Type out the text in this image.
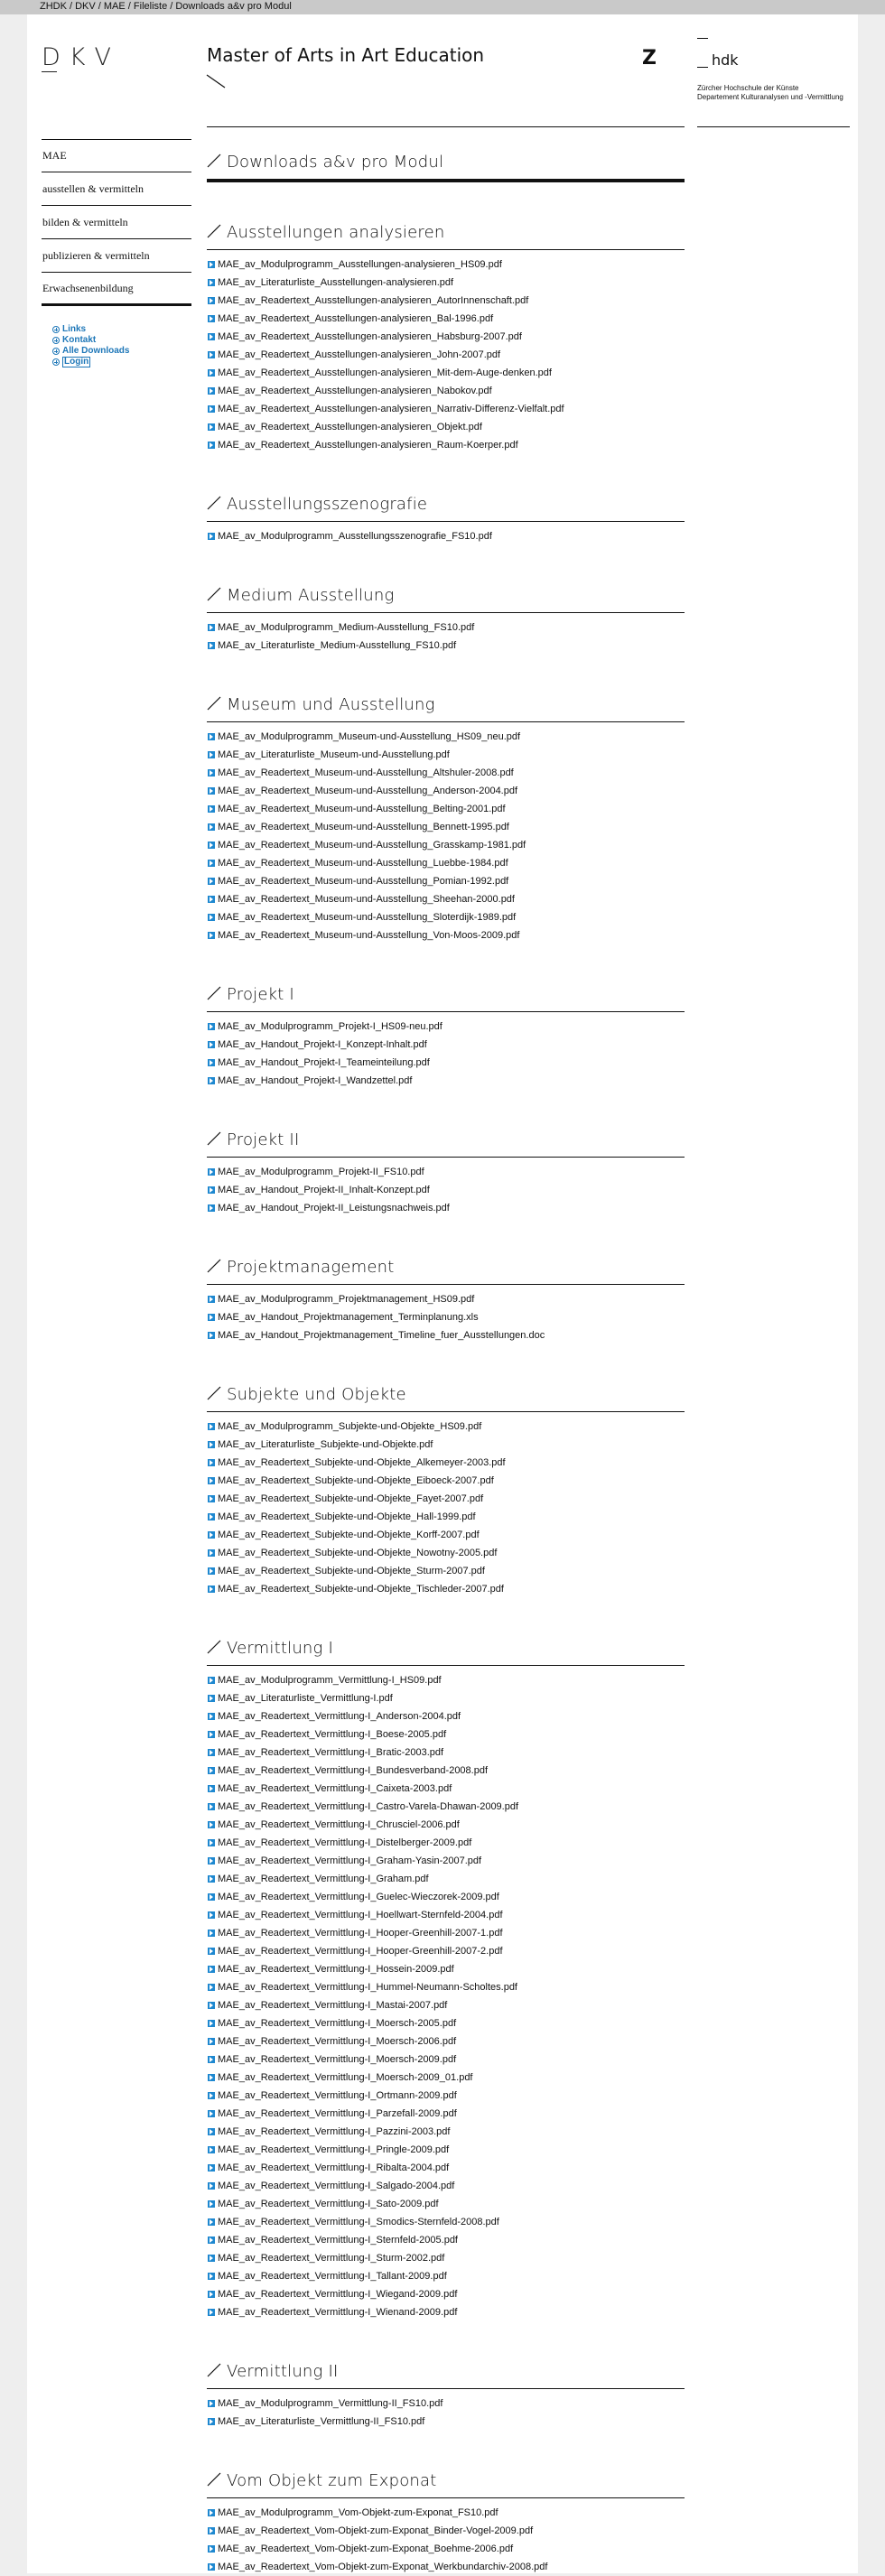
ZHDK / DKV / MAE / Fileliste / Downloads a&v pro Modul
DKV	Master of Arts in Art Education	Z	hdk
Zürcher Hochschule der Künste
Departement Kulturanalysen und -Vermittlung
MAE
ausstellen & vermitteln
bilden & vermitteln
publizieren & vermitteln
Erwachsenenbildung
Links
Kontakt
Alle Downloads
Login
Downloads a&v pro Modul
Ausstellungen analysieren
MAE_av_Modulprogramm_Ausstellungen-analysieren_HS09.pdf
MAE_av_Literaturliste_Ausstellungen-analysieren.pdf
MAE_av_Readertext_Ausstellungen-analysieren_AutorInnenschaft.pdf
MAE_av_Readertext_Ausstellungen-analysieren_Bal-1996.pdf
MAE_av_Readertext_Ausstellungen-analysieren_Habsburg-2007.pdf
MAE_av_Readertext_Ausstellungen-analysieren_John-2007.pdf
MAE_av_Readertext_Ausstellungen-analysieren_Mit-dem-Auge-denken.pdf
MAE_av_Readertext_Ausstellungen-analysieren_Nabokov.pdf
MAE_av_Readertext_Ausstellungen-analysieren_Narrativ-Differenz-Vielfalt.pdf
MAE_av_Readertext_Ausstellungen-analysieren_Objekt.pdf
MAE_av_Readertext_Ausstellungen-analysieren_Raum-Koerper.pdf
Ausstellungsszenografie
MAE_av_Modulprogramm_Ausstellungsszenografie_FS10.pdf
Medium Ausstellung
MAE_av_Modulprogramm_Medium-Ausstellung_FS10.pdf
MAE_av_Literaturliste_Medium-Ausstellung_FS10.pdf
Museum und Ausstellung
MAE_av_Modulprogramm_Museum-und-Ausstellung_HS09_neu.pdf
MAE_av_Literaturliste_Museum-und-Ausstellung.pdf
MAE_av_Readertext_Museum-und-Ausstellung_Altshuler-2008.pdf
MAE_av_Readertext_Museum-und-Ausstellung_Anderson-2004.pdf
MAE_av_Readertext_Museum-und-Ausstellung_Belting-2001.pdf
MAE_av_Readertext_Museum-und-Ausstellung_Bennett-1995.pdf
MAE_av_Readertext_Museum-und-Ausstellung_Grasskamp-1981.pdf
MAE_av_Readertext_Museum-und-Ausstellung_Luebbe-1984.pdf
MAE_av_Readertext_Museum-und-Ausstellung_Pomian-1992.pdf
MAE_av_Readertext_Museum-und-Ausstellung_Sheehan-2000.pdf
MAE_av_Readertext_Museum-und-Ausstellung_Sloterdijk-1989.pdf
MAE_av_Readertext_Museum-und-Ausstellung_Von-Moos-2009.pdf
Projekt I
MAE_av_Modulprogramm_Projekt-I_HS09-neu.pdf
MAE_av_Handout_Projekt-I_Konzept-Inhalt.pdf
MAE_av_Handout_Projekt-I_Teameinteilung.pdf
MAE_av_Handout_Projekt-I_Wandzettel.pdf
Projekt II
MAE_av_Modulprogramm_Projekt-II_FS10.pdf
MAE_av_Handout_Projekt-II_Inhalt-Konzept.pdf
MAE_av_Handout_Projekt-II_Leistungsnachweis.pdf
Projektmanagement
MAE_av_Modulprogramm_Projektmanagement_HS09.pdf
MAE_av_Handout_Projektmanagement_Terminplanung.xls
MAE_av_Handout_Projektmanagement_Timeline_fuer_Ausstellungen.doc
Subjekte und Objekte
MAE_av_Modulprogramm_Subjekte-und-Objekte_HS09.pdf
MAE_av_Literaturliste_Subjekte-und-Objekte.pdf
MAE_av_Readertext_Subjekte-und-Objekte_Alkemeyer-2003.pdf
MAE_av_Readertext_Subjekte-und-Objekte_Eiboeck-2007.pdf
MAE_av_Readertext_Subjekte-und-Objekte_Fayet-2007.pdf
MAE_av_Readertext_Subjekte-und-Objekte_Hall-1999.pdf
MAE_av_Readertext_Subjekte-und-Objekte_Korff-2007.pdf
MAE_av_Readertext_Subjekte-und-Objekte_Nowotny-2005.pdf
MAE_av_Readertext_Subjekte-und-Objekte_Sturm-2007.pdf
MAE_av_Readertext_Subjekte-und-Objekte_Tischleder-2007.pdf
Vermittlung I
MAE_av_Modulprogramm_Vermittlung-I_HS09.pdf
MAE_av_Literaturliste_Vermittlung-I.pdf
MAE_av_Readertext_Vermittlung-I_Anderson-2004.pdf
MAE_av_Readertext_Vermittlung-I_Boese-2005.pdf
MAE_av_Readertext_Vermittlung-I_Bratic-2003.pdf
MAE_av_Readertext_Vermittlung-I_Bundesverband-2008.pdf
MAE_av_Readertext_Vermittlung-I_Caixeta-2003.pdf
MAE_av_Readertext_Vermittlung-I_Castro-Varela-Dhawan-2009.pdf
MAE_av_Readertext_Vermittlung-I_Chrusciel-2006.pdf
MAE_av_Readertext_Vermittlung-I_Distelberger-2009.pdf
MAE_av_Readertext_Vermittlung-I_Graham-Yasin-2007.pdf
MAE_av_Readertext_Vermittlung-I_Graham.pdf
MAE_av_Readertext_Vermittlung-I_Guelec-Wieczorek-2009.pdf
MAE_av_Readertext_Vermittlung-I_Hoellwart-Sternfeld-2004.pdf
MAE_av_Readertext_Vermittlung-I_Hooper-Greenhill-2007-1.pdf
MAE_av_Readertext_Vermittlung-I_Hooper-Greenhill-2007-2.pdf
MAE_av_Readertext_Vermittlung-I_Hossein-2009.pdf
MAE_av_Readertext_Vermittlung-I_Hummel-Neumann-Scholtes.pdf
MAE_av_Readertext_Vermittlung-I_Mastai-2007.pdf
MAE_av_Readertext_Vermittlung-I_Moersch-2005.pdf
MAE_av_Readertext_Vermittlung-I_Moersch-2006.pdf
MAE_av_Readertext_Vermittlung-I_Moersch-2009.pdf
MAE_av_Readertext_Vermittlung-I_Moersch-2009_01.pdf
MAE_av_Readertext_Vermittlung-I_Ortmann-2009.pdf
MAE_av_Readertext_Vermittlung-I_Parzefall-2009.pdf
MAE_av_Readertext_Vermittlung-I_Pazzini-2003.pdf
MAE_av_Readertext_Vermittlung-I_Pringle-2009.pdf
MAE_av_Readertext_Vermittlung-I_Ribalta-2004.pdf
MAE_av_Readertext_Vermittlung-I_Salgado-2004.pdf
MAE_av_Readertext_Vermittlung-I_Sato-2009.pdf
MAE_av_Readertext_Vermittlung-I_Smodics-Sternfeld-2008.pdf
MAE_av_Readertext_Vermittlung-I_Sternfeld-2005.pdf
MAE_av_Readertext_Vermittlung-I_Sturm-2002.pdf
MAE_av_Readertext_Vermittlung-I_Tallant-2009.pdf
MAE_av_Readertext_Vermittlung-I_Wiegand-2009.pdf
MAE_av_Readertext_Vermittlung-I_Wienand-2009.pdf
Vermittlung II
MAE_av_Modulprogramm_Vermittlung-II_FS10.pdf
MAE_av_Literaturliste_Vermittlung-II_FS10.pdf
Vom Objekt zum Exponat
MAE_av_Modulprogramm_Vom-Objekt-zum-Exponat_FS10.pdf
MAE_av_Readertext_Vom-Objekt-zum-Exponat_Binder-Vogel-2009.pdf
MAE_av_Readertext_Vom-Objekt-zum-Exponat_Boehme-2006.pdf
MAE_av_Readertext_Vom-Objekt-zum-Exponat_Werkbundarchiv-2008.pdf
